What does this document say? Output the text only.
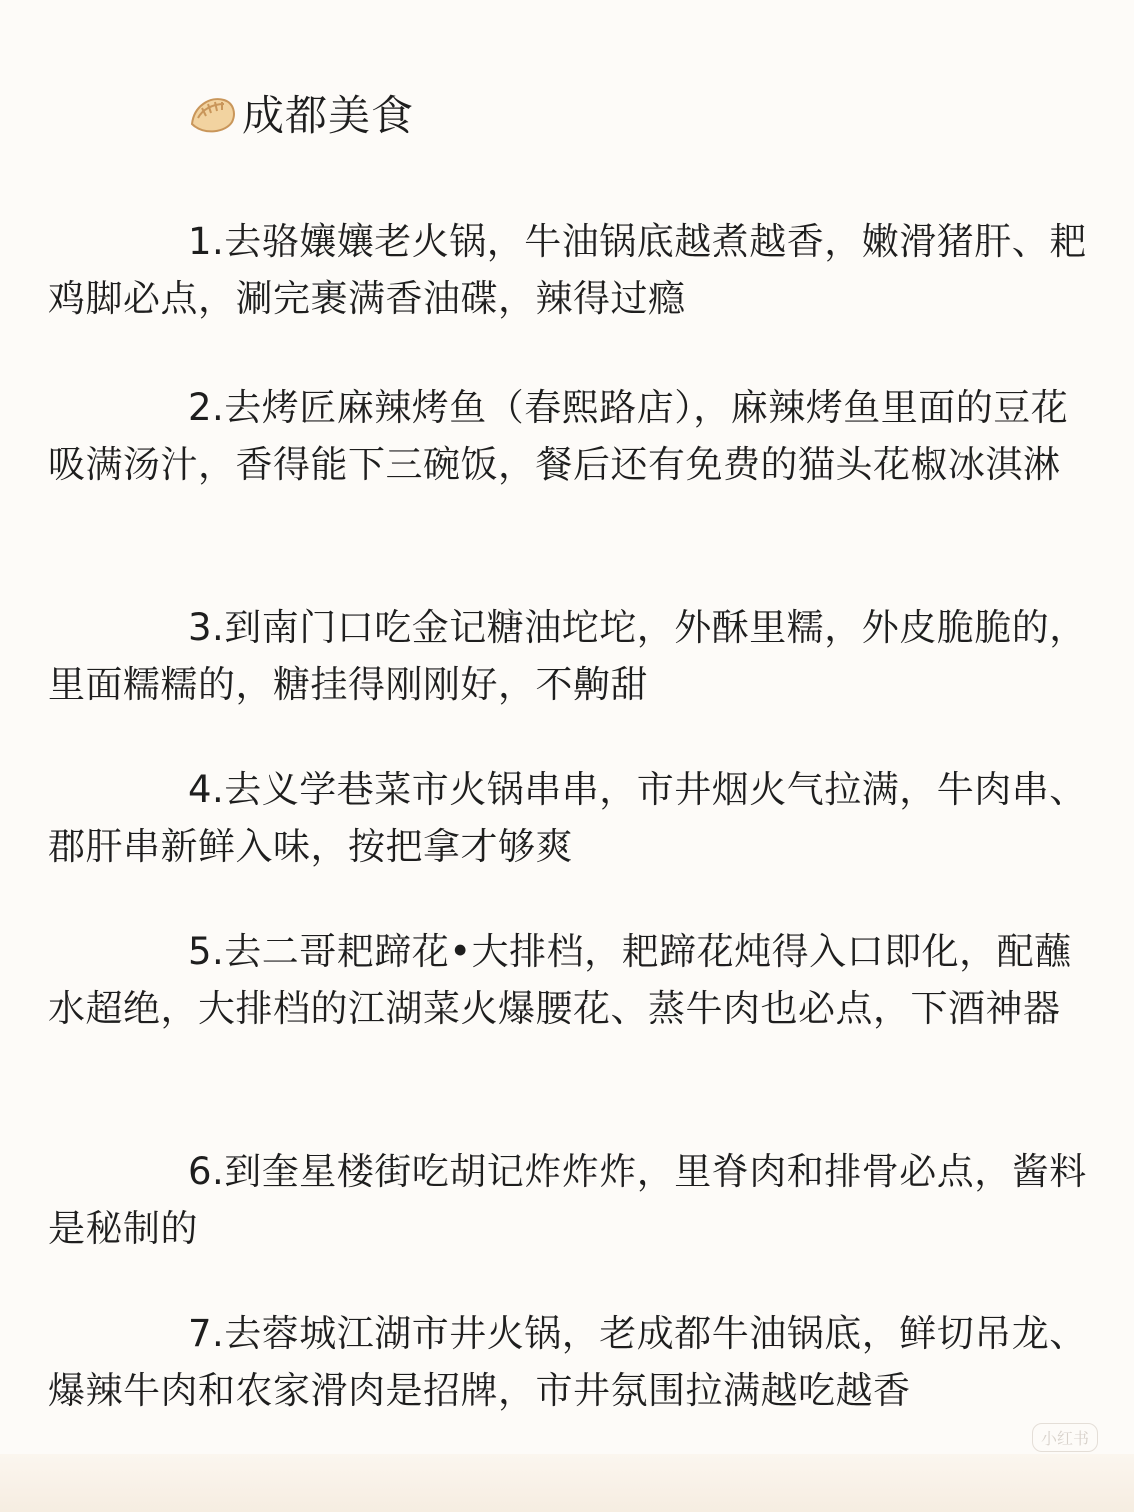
成都美食

1.去骆孃孃老火锅，牛油锅底越煮越香，嫩滑猪肝、耙鸡脚必点，涮完裹满香油碟，辣得过瘾

2.去烤匠麻辣烤鱼（春熙路店），麻辣烤鱼里面的豆花吸满汤汁，香得能下三碗饭，餐后还有免费的猫头花椒冰淇淋

3.到南门口吃金记糖油坨坨，外酥里糯，外皮脆脆的，里面糯糯的，糖挂得刚刚好，不齁甜

4.去义学巷菜市火锅串串，市井烟火气拉满，牛肉串、郡肝串新鲜入味，按把拿才够爽

5.去二哥耙蹄花•大排档，耙蹄花炖得入口即化，配蘸水超绝，大排档的江湖菜火爆腰花、蒸牛肉也必点，下酒神器

6.到奎星楼街吃胡记炸炸炸，里脊肉和排骨必点，酱料是秘制的

7.去蓉城江湖市井火锅，老成都牛油锅底，鲜切吊龙、爆辣牛肉和农家滑肉是招牌，市井氛围拉满越吃越香

小红书
